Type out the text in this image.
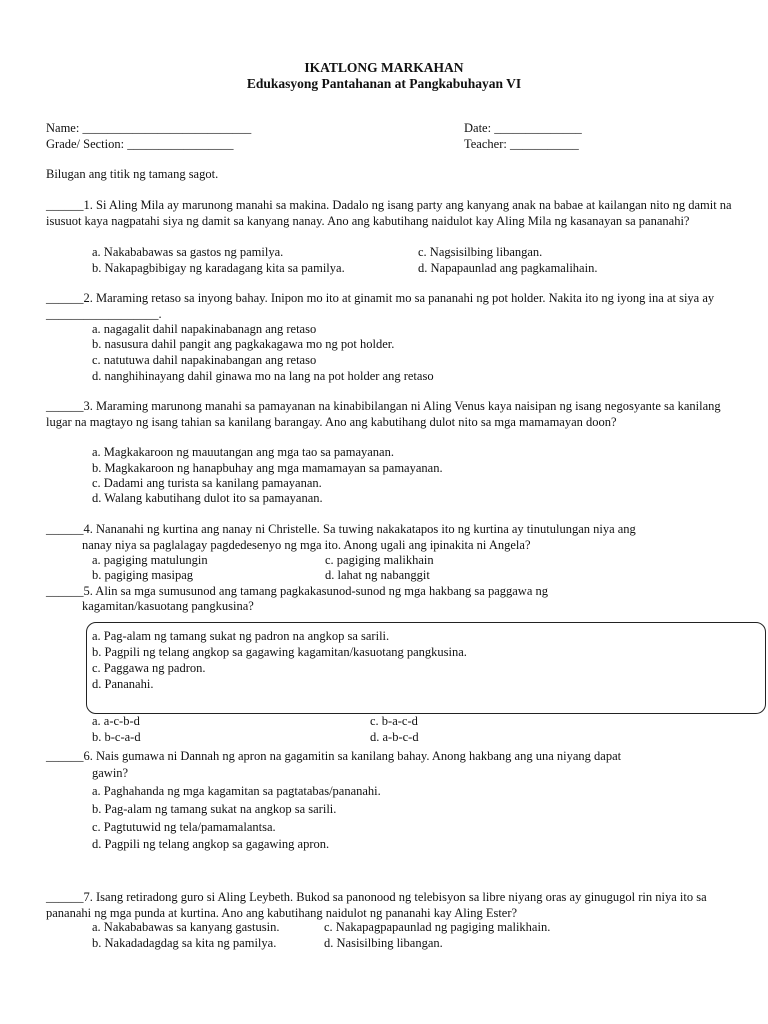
IKATLONG MARKAHAN
Edukasyong Pantahanan at Pangkabuhayan VI
Name: ___________________________	Date: ______________
Grade/ Section: _________________	Teacher: ___________
Bilugan ang titik ng tamang sagot.
______1. Si Aling Mila ay marunong manahi sa makina. Dadalo ng isang party ang kanyang anak na babae at kailangan nito ng damit na isusuot kaya nagpatahi siya ng damit sa kanyang nanay. Ano ang kabutihang naidulot kay Aling Mila ng kasanayan sa pananahi?
a. Nakababawas sa gastos ng pamilya.	c. Nagsisilbing libangan.
b. Nakapagbibigay ng karadagang kita sa pamilya.	d. Napapaunlad ang pagkamalihain.
______2. Maraming retaso sa inyong bahay. Inipon mo ito at ginamit mo sa pananahi ng pot holder. Nakita ito ng iyong ina at siya ay __________________.
a. nagagalit dahil napakinabanagn ang retaso
b. nasusura dahil pangit ang pagkakagawa mo ng pot holder.
c. natutuwa dahil napakinabangan ang retaso
d. nanghihinayang dahil ginawa mo na lang na pot holder ang retaso
______3. Maraming marunong manahi sa pamayanan na kinabibilangan ni Aling Venus kaya naisipan ng isang negosyante sa kanilang lugar na magtayo ng isang tahian sa kanilang barangay. Ano ang kabutihang dulot nito sa mga mamamayan doon?
a. Magkakaroon ng mauutangan ang mga tao sa pamayanan.
b. Magkakaroon ng hanapbuhay ang mga mamamayan sa pamayanan.
c. Dadami ang turista sa kanilang pamayanan.
d. Walang kabutihang dulot ito sa pamayanan.
______4. Nananahi ng kurtina ang nanay ni Christelle. Sa tuwing nakakatapos ito ng kurtina ay tinutulungan niya ang
nanay niya sa paglalagay pagdedesenyo ng mga ito. Anong ugali ang ipinakita ni Angela?
a. pagiging matulungin	c. pagiging malikhain
b. pagiging masipag	d. lahat ng nabanggit
______5. Alin sa mga sumusunod ang tamang pagkakasunod-sunod ng mga hakbang sa paggawa ng
kagamitan/kasuotang pangkusina?
a. Pag-alam ng tamang sukat ng padron na angkop sa sarili.
b. Pagpili ng telang angkop sa gagawing kagamitan/kasuotang pangkusina.
c. Paggawa ng padron.
d. Pananahi.
a. a-c-b-d	c. b-a-c-d
b. b-c-a-d	d. a-b-c-d
______6. Nais gumawa ni Dannah ng apron na gagamitin sa kanilang bahay. Anong hakbang ang una niyang dapat
gawin?
a. Paghahanda ng mga kagamitan sa pagtatabas/pananahi.
b. Pag-alam ng tamang sukat na angkop sa sarili.
c. Pagtutuwid ng tela/pamamalantsa.
d. Pagpili ng telang angkop sa gagawing apron.
______7. Isang retiradong guro si Aling Leybeth. Bukod sa panonood ng telebisyon sa libre niyang oras ay ginugugol rin niya ito sa pananahi ng mga punda at kurtina. Ano ang kabutihang naidulot ng pananahi kay Aling Ester?
a. Nakababawas sa kanyang gastusin.	c. Nakapagpapaunlad ng pagiging malikhain.
b. Nakadadagdag sa kita ng pamilya.	d. Nasisilbing libangan.
